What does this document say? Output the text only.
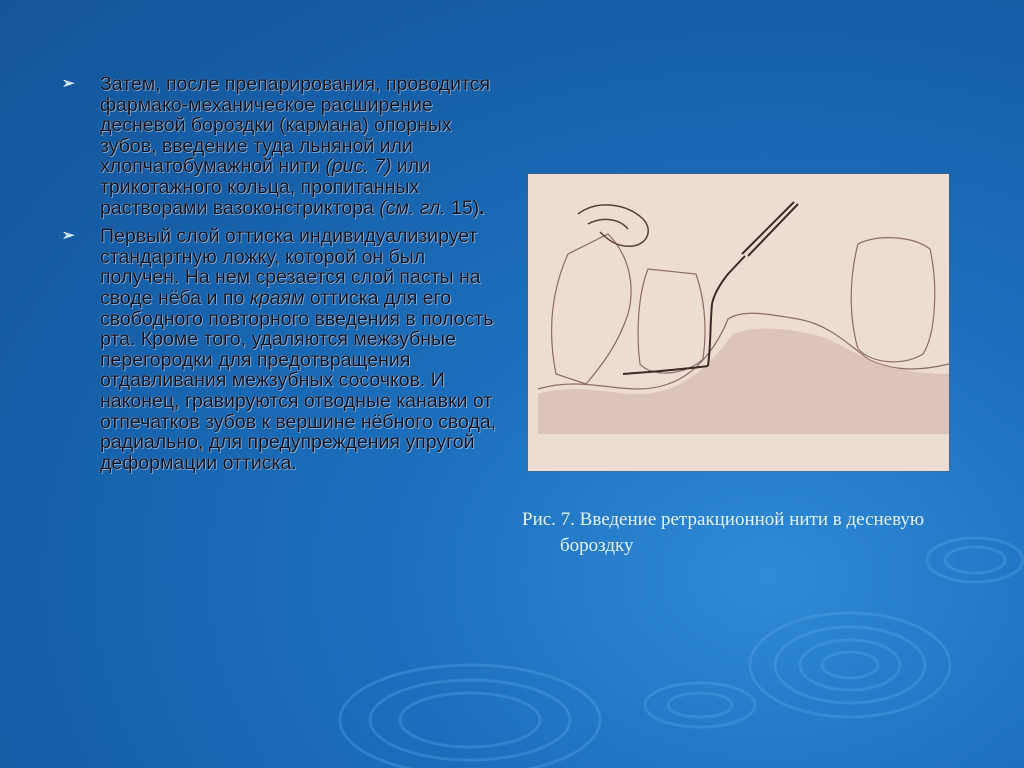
➢ Затем, после препарирования, проводится фармако-механическое расширение десневой бороздки (кармана) опорных зубов, введение туда льняной или хлопчатобумажной нити (рис. 7) или трикотажного кольца, пропитанных растворами вазоконстриктора (см. гл. 15).

➢ Первый слой оттиска индивидуализирует стандартную ложку, которой он был получен. На нем срезается слой пасты на своде нёба и по краям оттиска для его свободного повторного введения в полость рта. Кроме того, удаляются межзубные перегородки для предотвращения отдавливания межзубных сосочков. И наконец, гравируются отводные канавки от отпечатков зубов к вершине нёбного свода, радиально, для предупреждения упругой деформации оттиска.

Рис. 7. Введение ретракционной нити в десневую
бороздку
